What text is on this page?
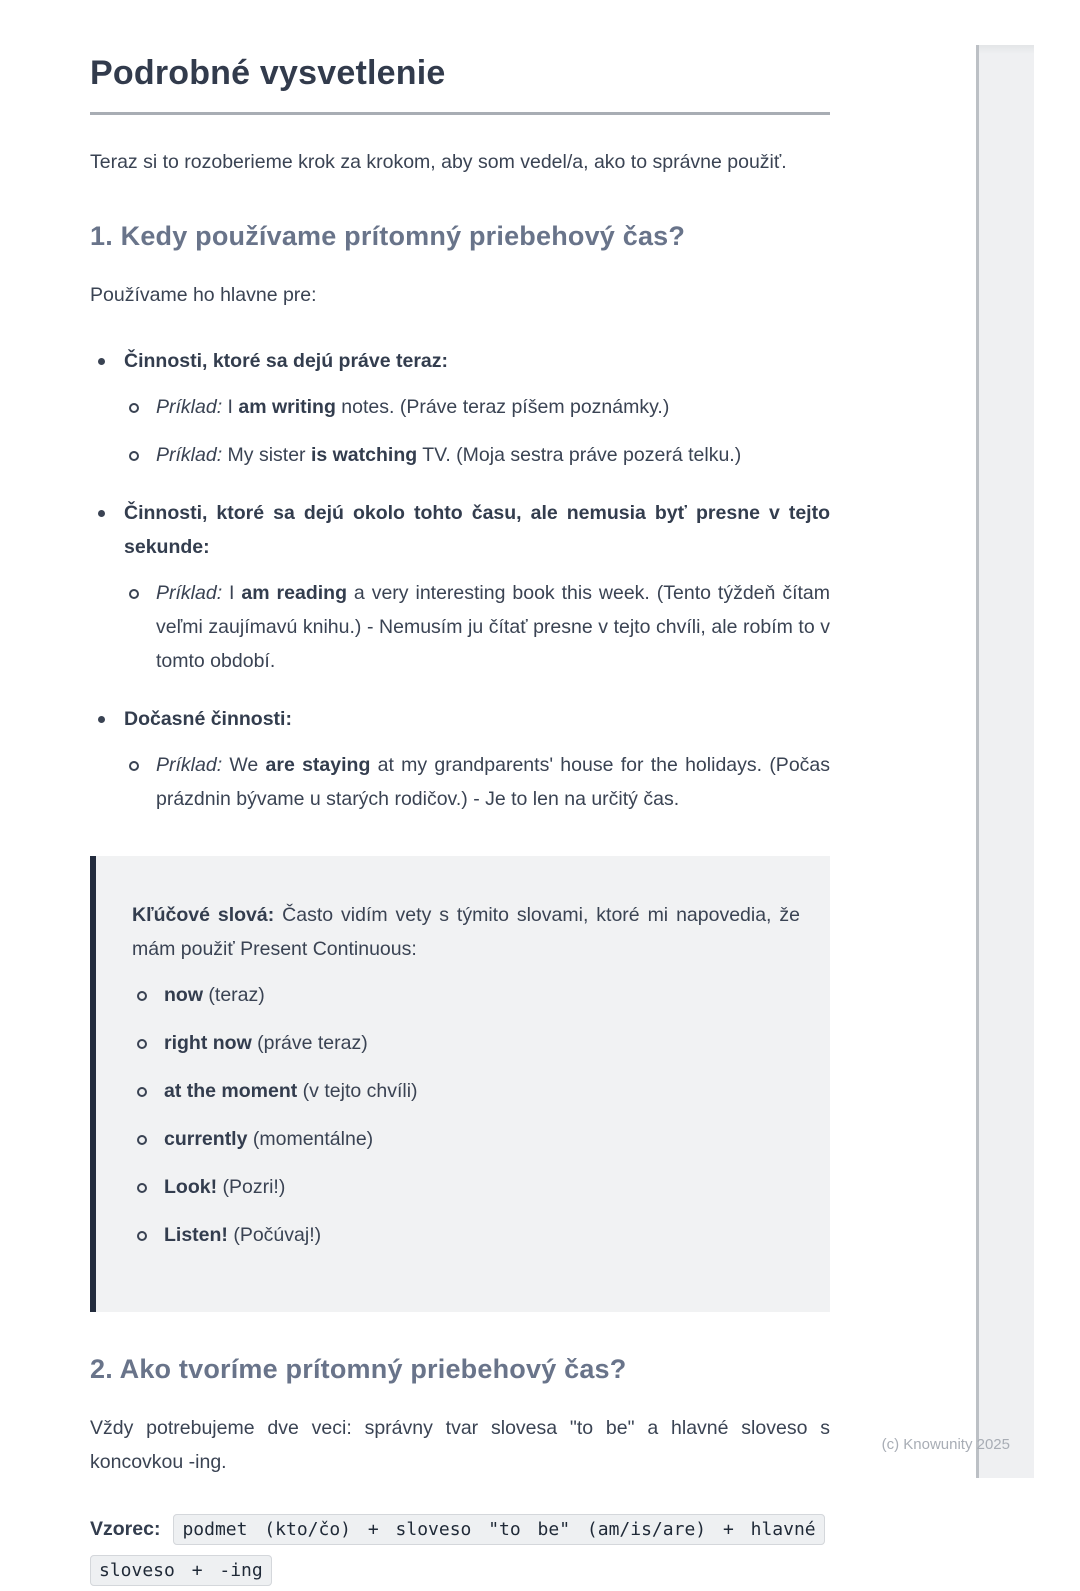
Podrobné vysvetlenie

Teraz si to rozoberieme krok za krokom, aby som vedel/a, ako to správne použiť.

1. Kedy používame prítomný priebehový čas?

Používame ho hlavne pre:

Činnosti, ktoré sa dejú práve teraz:

Príklad: I am writing notes. (Práve teraz píšem poznámky.)

Príklad: My sister is watching TV. (Moja sestra práve pozerá telku.)

Činnosti, ktoré sa dejú okolo tohto času, ale nemusia byť presne v tejto sekunde:

Príklad: I am reading a very interesting book this week. (Tento týždeň čítam veľmi zaujímavú knihu.) - Nemusím ju čítať presne v tejto chvíli, ale robím to v tomto období.

Dočasné činnosti:

Príklad: We are staying at my grandparents' house for the holidays. (Počas prázdnin bývame u starých rodičov.) - Je to len na určitý čas.

Kľúčové slová: Často vidím vety s týmito slovami, ktoré mi napovedia, že mám použiť Present Continuous:

now (teraz)

right now (práve teraz)

at the moment (v tejto chvíli)

currently (momentálne)

Look! (Pozri!)

Listen! (Počúvaj!)

2. Ako tvoríme prítomný priebehový čas?

Vždy potrebujeme dve veci: správny tvar slovesa "to be" a hlavné sloveso s koncovkou -ing.

Vzorec: podmet (kto/čo) + sloveso "to be" (am/is/are) + hlavné sloveso + -ing

(c) Knowunity 2025
